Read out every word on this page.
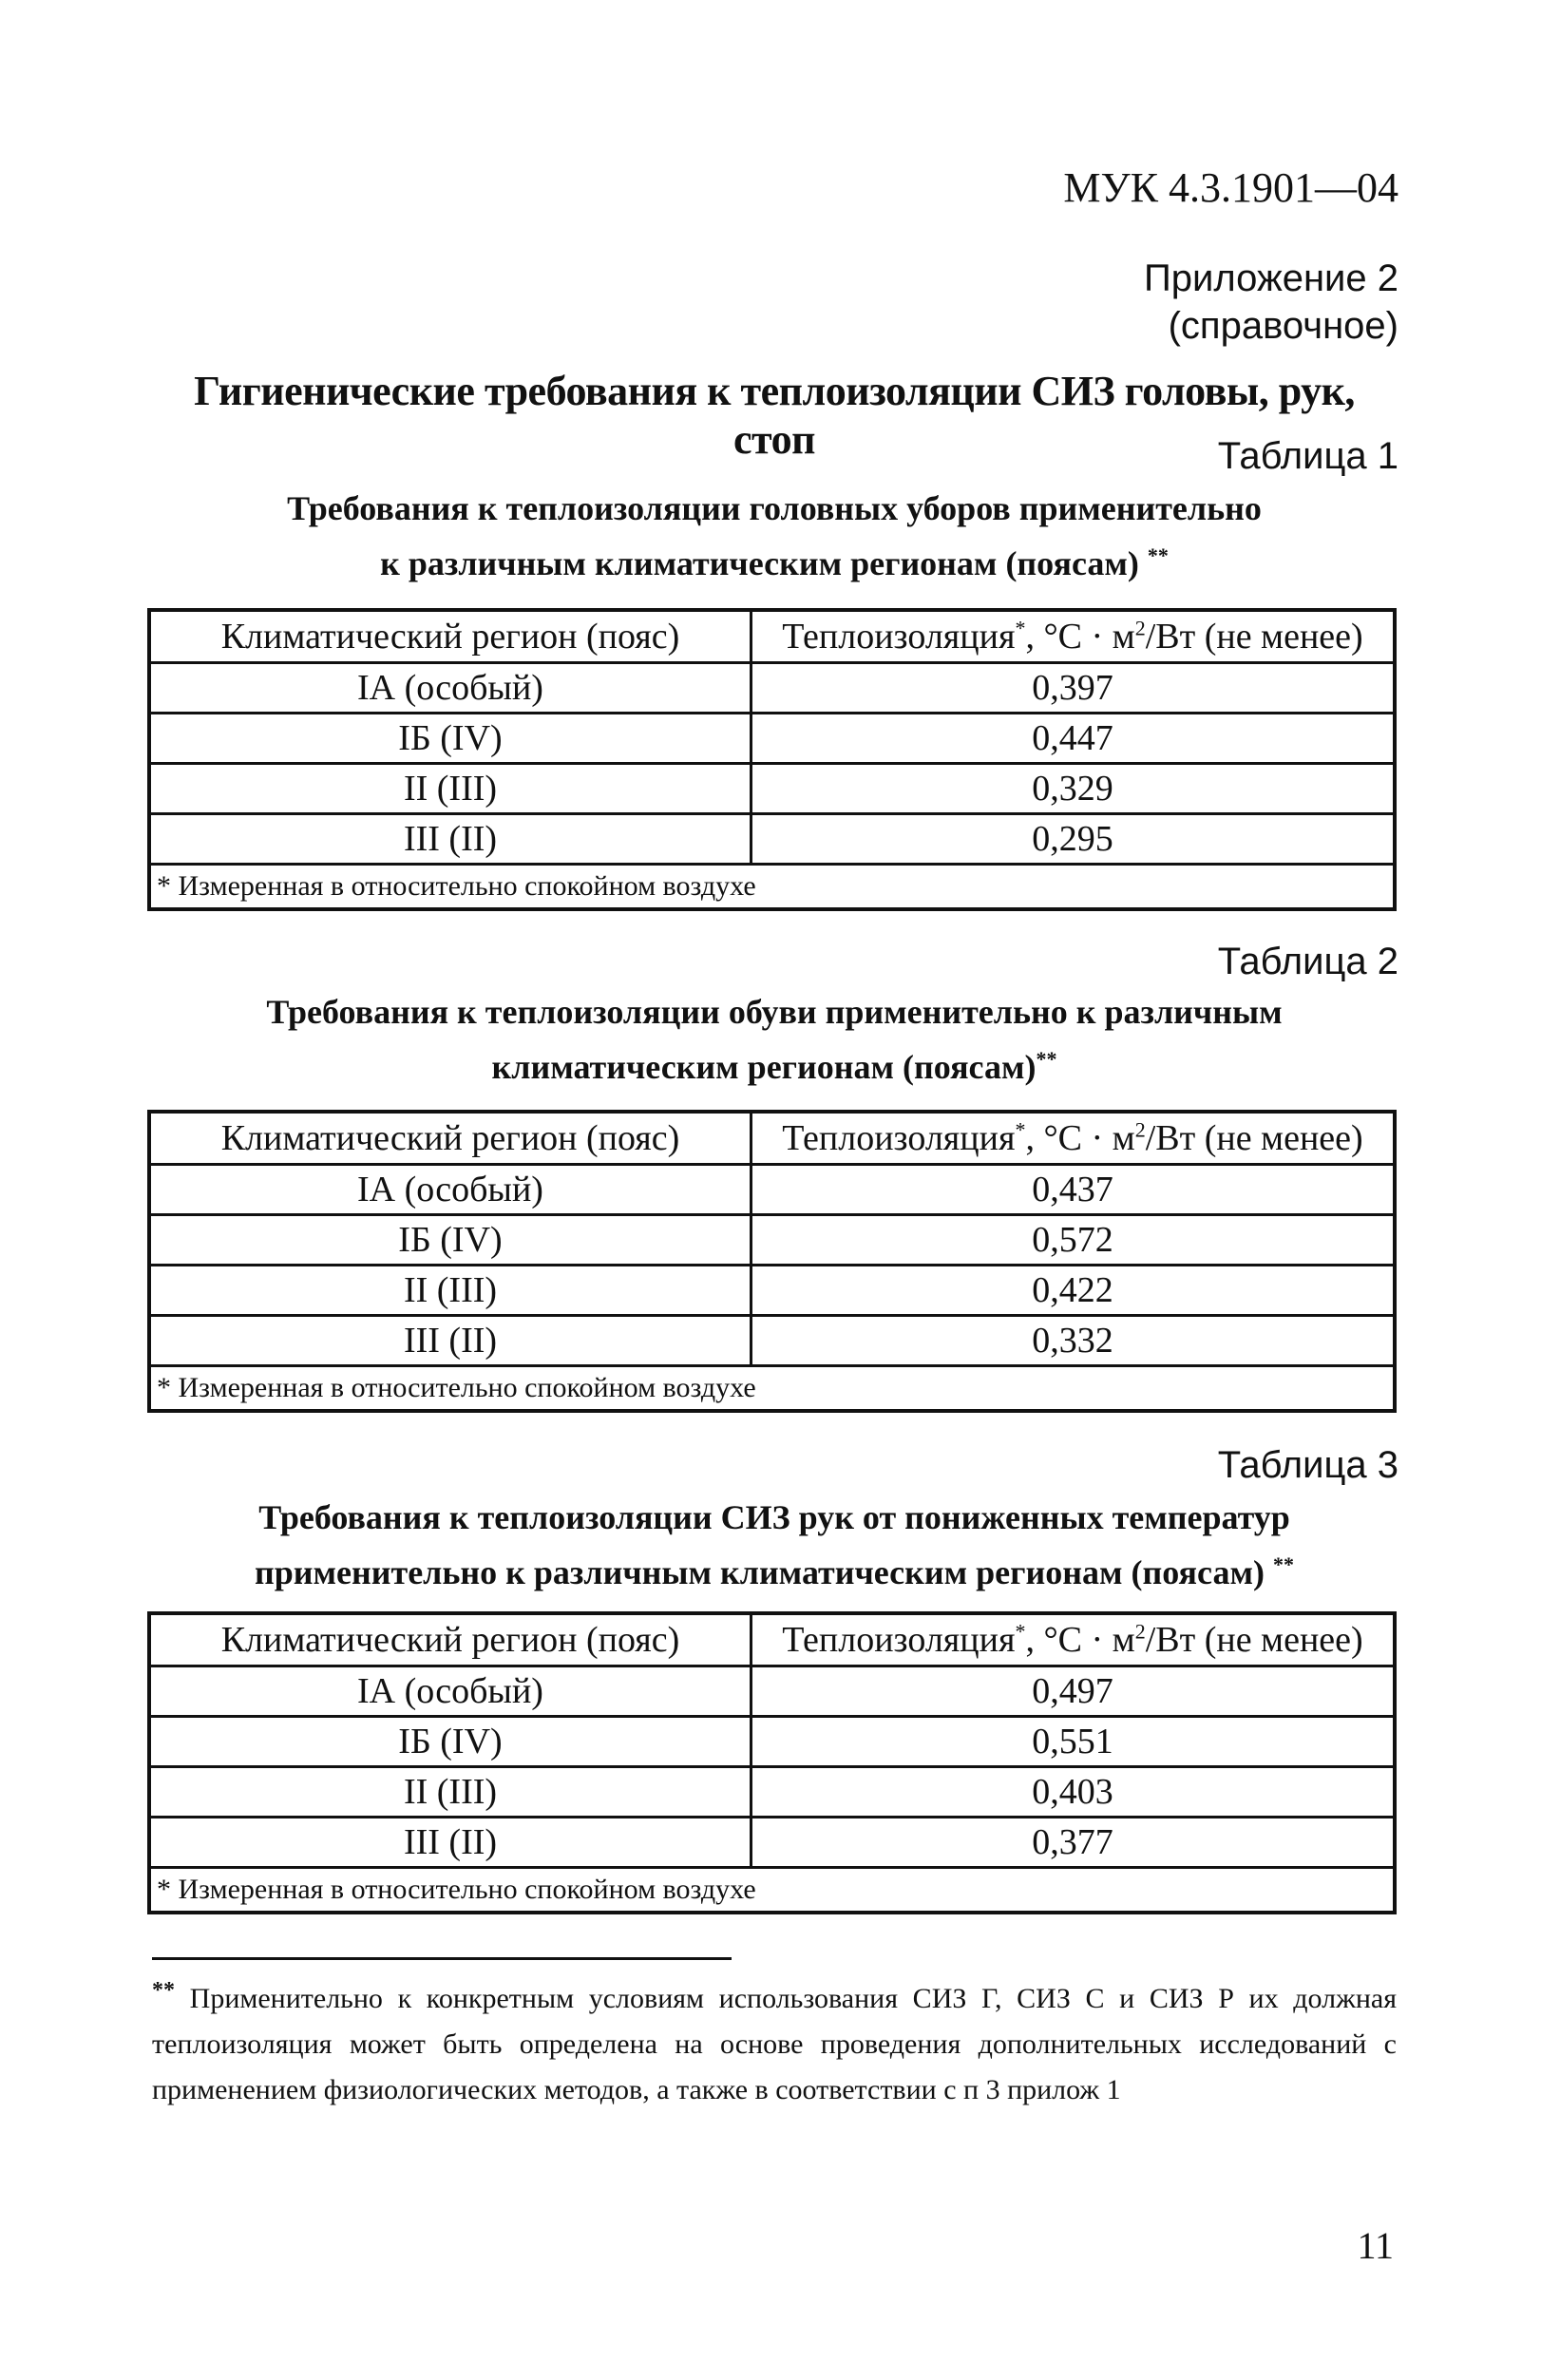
МУК 4.3.1901—04
Приложение 2
(справочное)
Гигиенические требования к теплоизоляции СИЗ головы, рук, стоп	Таблица 1
Требования к теплоизоляции головных уборов применительно
к различным климатическим регионам (поясам) **
Климатический регион (пояс)	Теплоизоляция*, $^\circ С \cdot м^2/Вт$ (не менее)
IА (особый)	0,397
IБ (IV)	0,447
II (III)	0,329
III (II)	0,295
* Измеренная в относительно спокойном воздухе	
Таблица 2
Требования к теплоизоляции обуви применительно к различным
климатическим регионам (поясам)**
Климатический регион (пояс)	Теплоизоляция*, $^\circ С \cdot м^2/Вт$ (не менее)
IА (особый)	0,437
IБ (IV)	0,572
II (III)	0,422
III (II)	0,332
* Измеренная в относительно спокойном воздухе	
Таблица 3
Требования к теплоизоляции СИЗ рук от пониженных температур
применительно к различным климатическим регионам (поясам) **
Климатический регион (пояс)	Теплоизоляция*, $^\circ С \cdot м^2/Вт$ (не менее)
IА (особый)	0,497
IБ (IV)	0,551
II (III)	0,403
III (II)	0,377
* Измеренная в относительно спокойном воздухе	
** Применительно к конкретным условиям использования СИЗ Г, СИЗ С и СИЗ Р их должная теплоизоляция может быть определена на основе проведения дополнительных исследований с применением физиологических методов, а также в соответствии с п 3 прилож 1
11
